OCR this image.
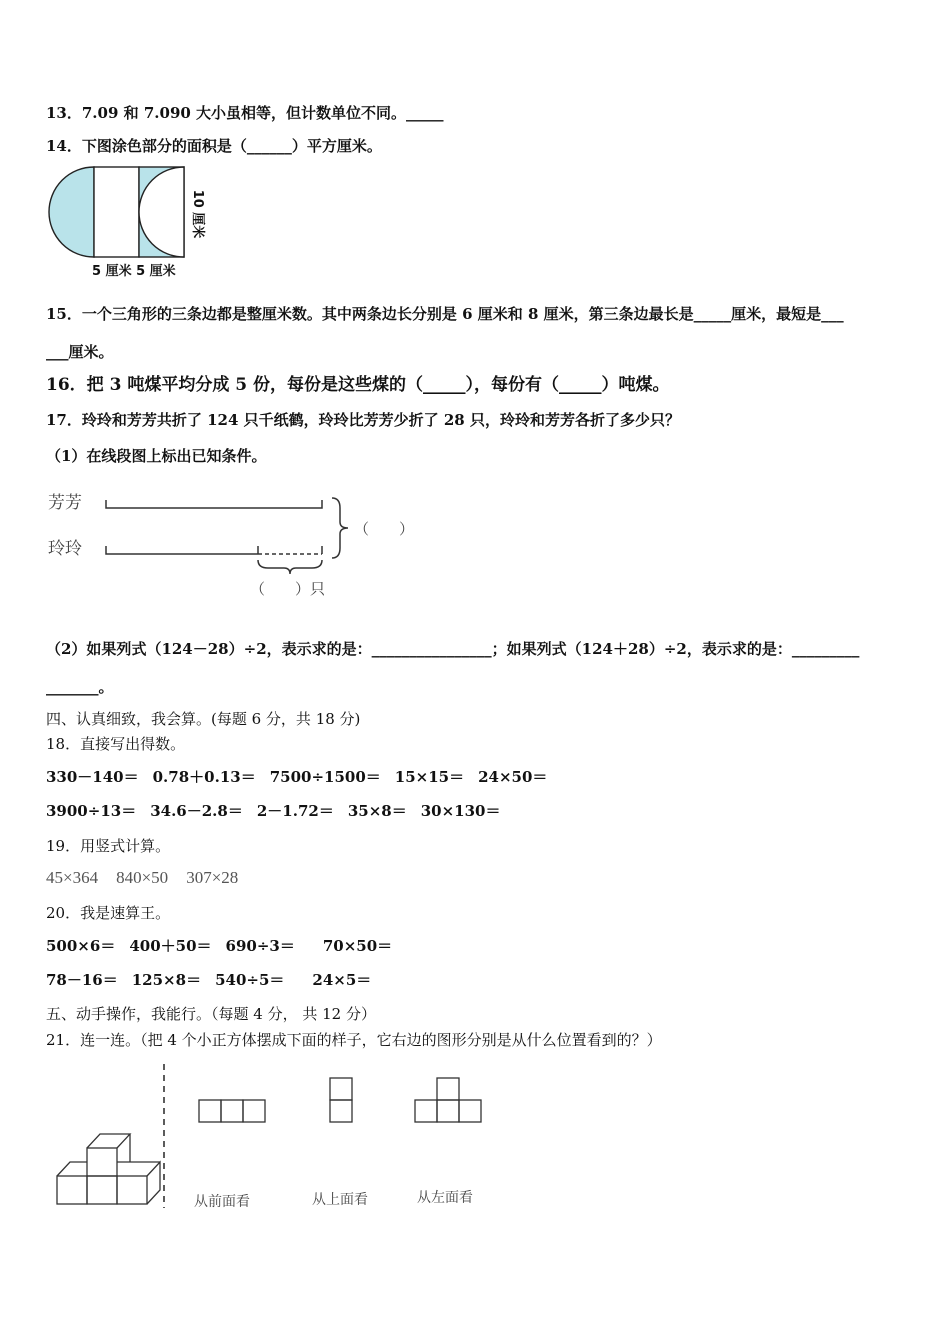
13．7.09 和 7.090 大小虽相等，但计数单位不同。_____
14．下图涂色部分的面积是（______）平方厘米。
5 厘米 5 厘米
10 厘米
15．一个三角形的三条边都是整厘米数。其中两条边长分别是 6 厘米和 8 厘米，第三条边最长是_____厘米，最短是___
___厘米。
16．把 3 吨煤平均分成 5 份，每份是这些煤的（_____），每份有（_____）吨煤。
17．玲玲和芳芳共折了 124 只千纸鹤，玲玲比芳芳少折了 28 只，玲玲和芳芳各折了多少只？
（1）在线段图上标出已知条件。
芳芳
玲玲
（　　）
（　　）只
（2）如果列式（124－28）÷2，表示求的是：________________；如果列式（124＋28）÷2，表示求的是：_________
_______。
四、认真细致，我会算。(每题 6 分，共 18 分)
18．直接写出得数。
330－140＝ 0.78＋0.13＝ 7500÷1500＝ 15×15＝ 24×50＝
3900÷13＝ 34.6－2.8＝ 2－1.72＝ 35×8＝ 30×130＝
19．用竖式计算。
45×364 840×50 307×28
20．我是速算王。
500×6＝ 400＋50＝ 690÷3＝ 70×50＝
78－16＝ 125×8＝ 540÷5＝ 24×5＝
五、动手操作，我能行。（每题 4 分， 共 12 分）
21．连一连。（把 4 个小正方体摆成下面的样子，它右边的图形分别是从什么位置看到的？）
从前面看	从上面看	从左面看
